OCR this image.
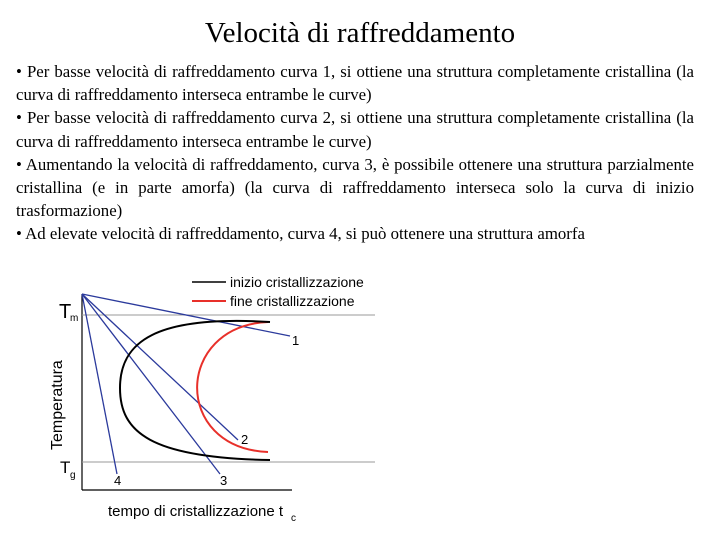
Velocità di raffreddamento

• Per basse velocità di raffreddamento curva 1, si ottiene una struttura completamente cristallina (la curva di raffreddamento interseca entrambe le curve)

• Per basse velocità di raffreddamento curva 2, si ottiene una struttura completamente cristallina (la curva di raffreddamento interseca entrambe le curve)

• Aumentando la velocità di raffreddamento, curva 3, è possibile ottenere una struttura parzialmente cristallina (e in parte amorfa) (la curva di raffreddamento interseca solo la curva di inizio trasformazione)

• Ad elevate velocità di raffreddamento, curva 4, si può ottenere una struttura amorfa

inizio cristallizzazione
fine cristallizzazione
T
m
T g
Temperatura
tempo di cristallizzazione t c
1
2
3
4
